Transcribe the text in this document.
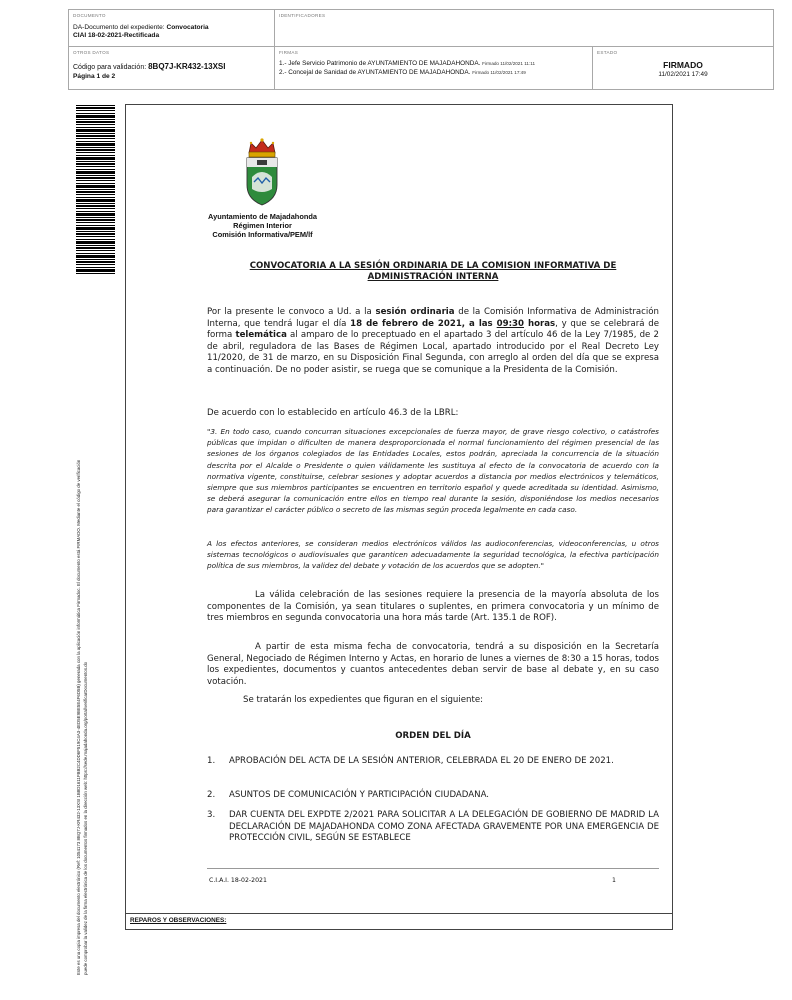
DOCUMENTO
DA-Documento del expediente: Convocatoria
CIAI 18-02-2021-Rectificada
IDENTIFICADORES
OTROS DATOS
Código para validación: 8BQ7J-KR432-13XSI
Página 1 de 2
FIRMAS
1.- Jefe Servicio Patrimonio de AYUNTAMIENTO DE MAJADAHONDA. Firmado 11/02/2021 11:11
2.- Concejal de Sanidad de AYUNTAMIENTO DE MAJADAHONDA. Firmado 11/02/2021 17:49
ESTADO
FIRMADO
11/02/2021 17:49
Este es una copia impresa del documento electrónico (Ref: 1054173 8BQ7J-KR432-13XSI 1B8D1611FBB2C4DD6F519C4A3-4ED5E9BE5E4F6D5B) generada con la aplicación informática Firmadoc. El documento está FIRMADO. Mediante el código de verificación puede comprobar la validez de la firma electrónica de los documentos firmados en la dirección web: https://sede.majadahonda.org/portal/verificarDocumentos.do	REPAROS Y OBSERVACIONES:
Ayuntamiento de Majadahonda
Régimen Interior
Comisión Informativa/PEM/lf
CONVOCATORIA A LA SESIÓN ORDINARIA DE LA COMISION INFORMATIVA DE
ADMINISTRACIÓN INTERNA
Por la presente le convoco a Ud. a la sesión ordinaria de la Comisión Informativa de Administración Interna, que tendrá lugar el día 18 de febrero de 2021, a las 09:30 horas, y que se celebrará de forma telemática al amparo de lo preceptuado en el apartado 3 del artículo 46 de la Ley 7/1985, de 2 de abril, reguladora de las Bases de Régimen Local, apartado introducido por el Real Decreto Ley 11/2020, de 31 de marzo, en su Disposición Final Segunda, con arreglo al orden del día que se expresa a continuación. De no poder asistir, se ruega que se comunique a la Presidenta de la Comisión.
De acuerdo con lo establecido en artículo 46.3 de la LBRL:
"3. En todo caso, cuando concurran situaciones excepcionales de fuerza mayor, de grave riesgo colectivo, o catástrofes públicas que impidan o dificulten de manera desproporcionada el normal funcionamiento del régimen presencial de las sesiones de los órganos colegiados de las Entidades Locales, estos podrán, apreciada la concurrencia de la situación descrita por el Alcalde o Presidente o quien válidamente les sustituya al efecto de la convocatoria de acuerdo con la normativa vigente, constituirse, celebrar sesiones y adoptar acuerdos a distancia por medios electrónicos y telemáticos, siempre que sus miembros participantes se encuentren en territorio español y quede acreditada su identidad. Asimismo, se deberá asegurar la comunicación entre ellos en tiempo real durante la sesión, disponiéndose los medios necesarios para garantizar el carácter público o secreto de las mismas según proceda legalmente en cada caso.
A los efectos anteriores, se consideran medios electrónicos válidos las audioconferencias, videoconferencias, u otros sistemas tecnológicos o audiovisuales que garanticen adecuadamente la seguridad tecnológica, la efectiva participación política de sus miembros, la validez del debate y votación de los acuerdos que se adopten."
La válida celebración de las sesiones requiere la presencia de la mayoría absoluta de los componentes de la Comisión, ya sean titulares o suplentes, en primera convocatoria y un mínimo de tres miembros en segunda convocatoria una hora más tarde (Art. 135.1 de ROF).
A partir de esta misma fecha de convocatoria, tendrá a su disposición en la Secretaría General, Negociado de Régimen Interno y Actas, en horario de lunes a viernes de 8:30 a 15 horas, todos los expedientes, documentos y cuantos antecedentes deban servir de base al debate y, en su caso votación.
Se tratarán los expedientes que figuran en el siguiente:
ORDEN DEL DÍA
1. APROBACIÓN DEL ACTA DE LA SESIÓN ANTERIOR, CELEBRADA EL 20 DE ENERO DE 2021.
2. ASUNTOS DE COMUNICACIÓN Y PARTICIPACIÓN CIUDADANA.
3. DAR CUENTA DEL EXPDTE 2/2021 PARA SOLICITAR A LA DELEGACIÓN DE GOBIERNO DE MADRID LA DECLARACIÓN DE MAJADAHONDA COMO ZONA AFECTADA GRAVEMENTE POR UNA EMERGENCIA DE PROTECCIÓN CIVIL, SEGÚN SE ESTABLECE
C.I.A.I. 18-02-2021	1
